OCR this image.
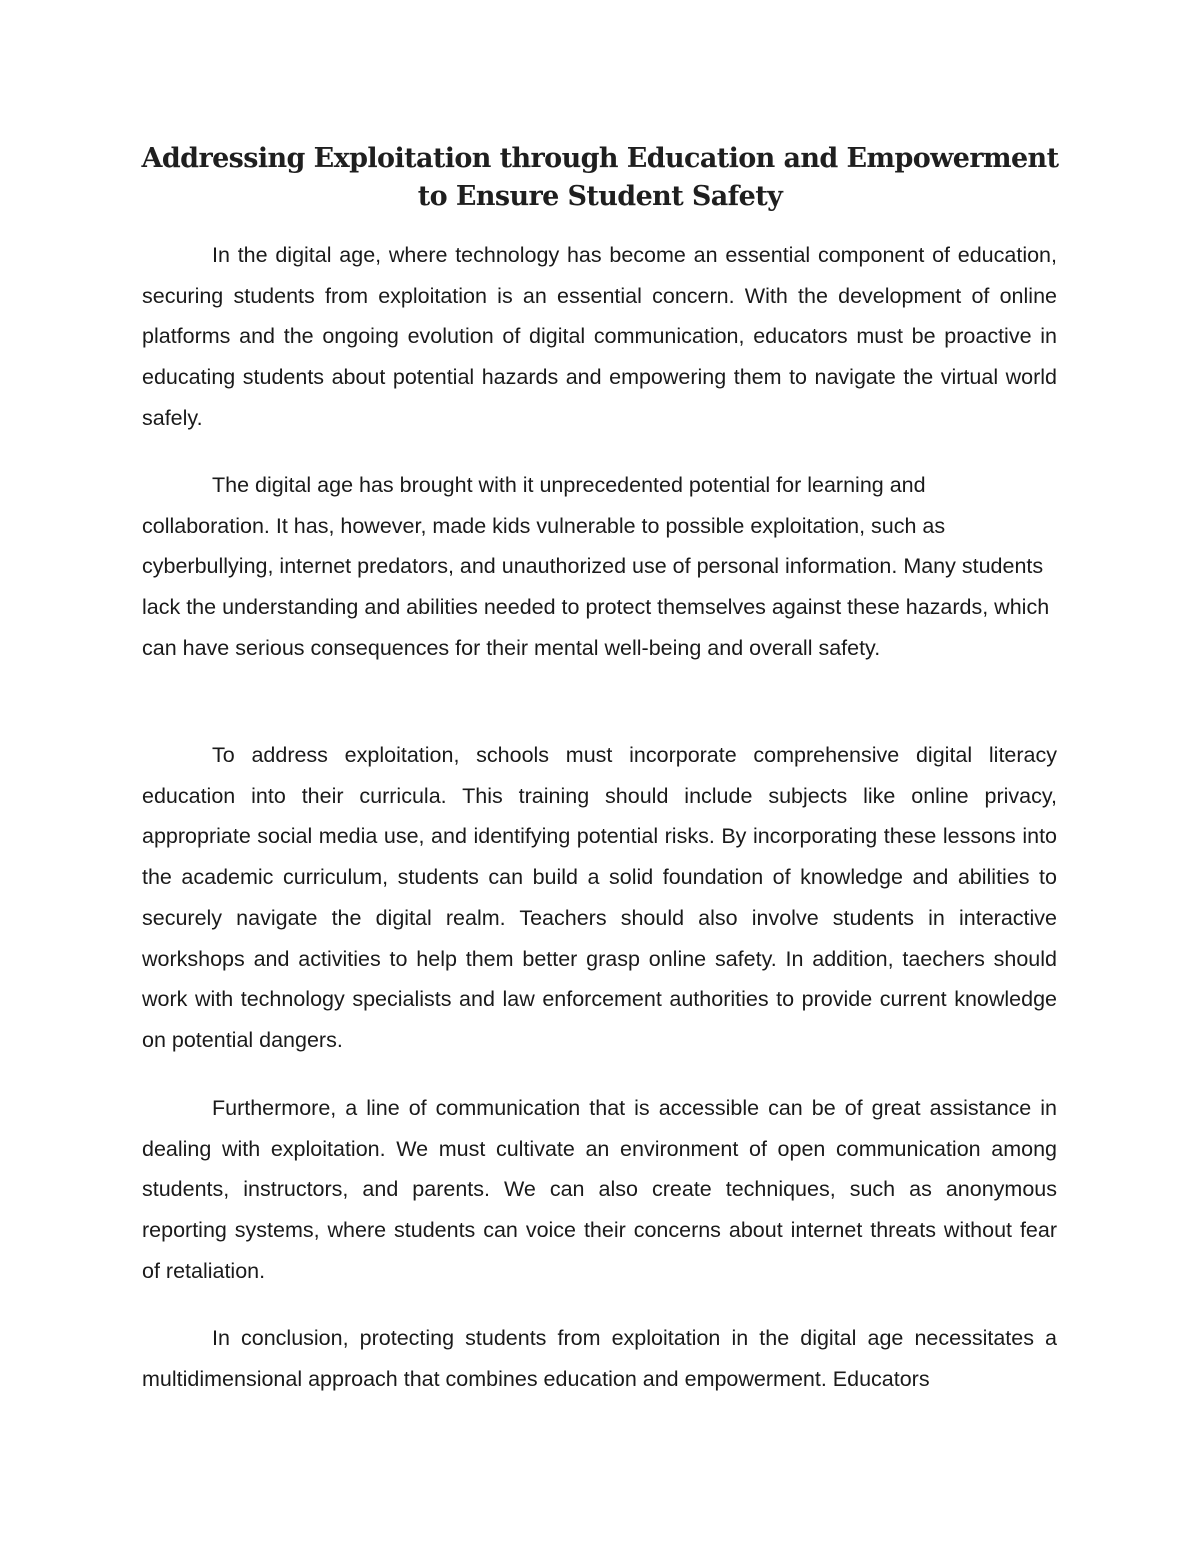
Addressing Exploitation through Education and Empowerment to Ensure Student Safety

In the digital age, where technology has become an essential component of education, securing students from exploitation is an essential concern. With the development of online platforms and the ongoing evolution of digital communication, educators must be proactive in educating students about potential hazards and empowering them to navigate the virtual world safely.

The digital age has brought with it unprecedented potential for learning and collaboration. It has, however, made kids vulnerable to possible exploitation, such as cyberbullying, internet predators, and unauthorized use of personal information. Many students lack the understanding and abilities needed to protect themselves against these hazards, which can have serious consequences for their mental well-being and overall safety.

To address exploitation, schools must incorporate comprehensive digital literacy education into their curricula. This training should include subjects like online privacy, appropriate social media use, and identifying potential risks. By incorporating these lessons into the academic curriculum, students can build a solid foundation of knowledge and abilities to securely navigate the digital realm. Teachers should also involve students in interactive workshops and activities to help them better grasp online safety. In addition, taechers should work with technology specialists and law enforcement authorities to provide current knowledge on potential dangers.

Furthermore, a line of communication that is accessible can be of great assistance in dealing with exploitation. We must cultivate an environment of open communication among students, instructors, and parents. We can also create techniques, such as anonymous reporting systems, where students can voice their concerns about internet threats without fear of retaliation.

In conclusion, protecting students from exploitation in the digital age necessitates a multidimensional approach that combines education and empowerment. Educators
